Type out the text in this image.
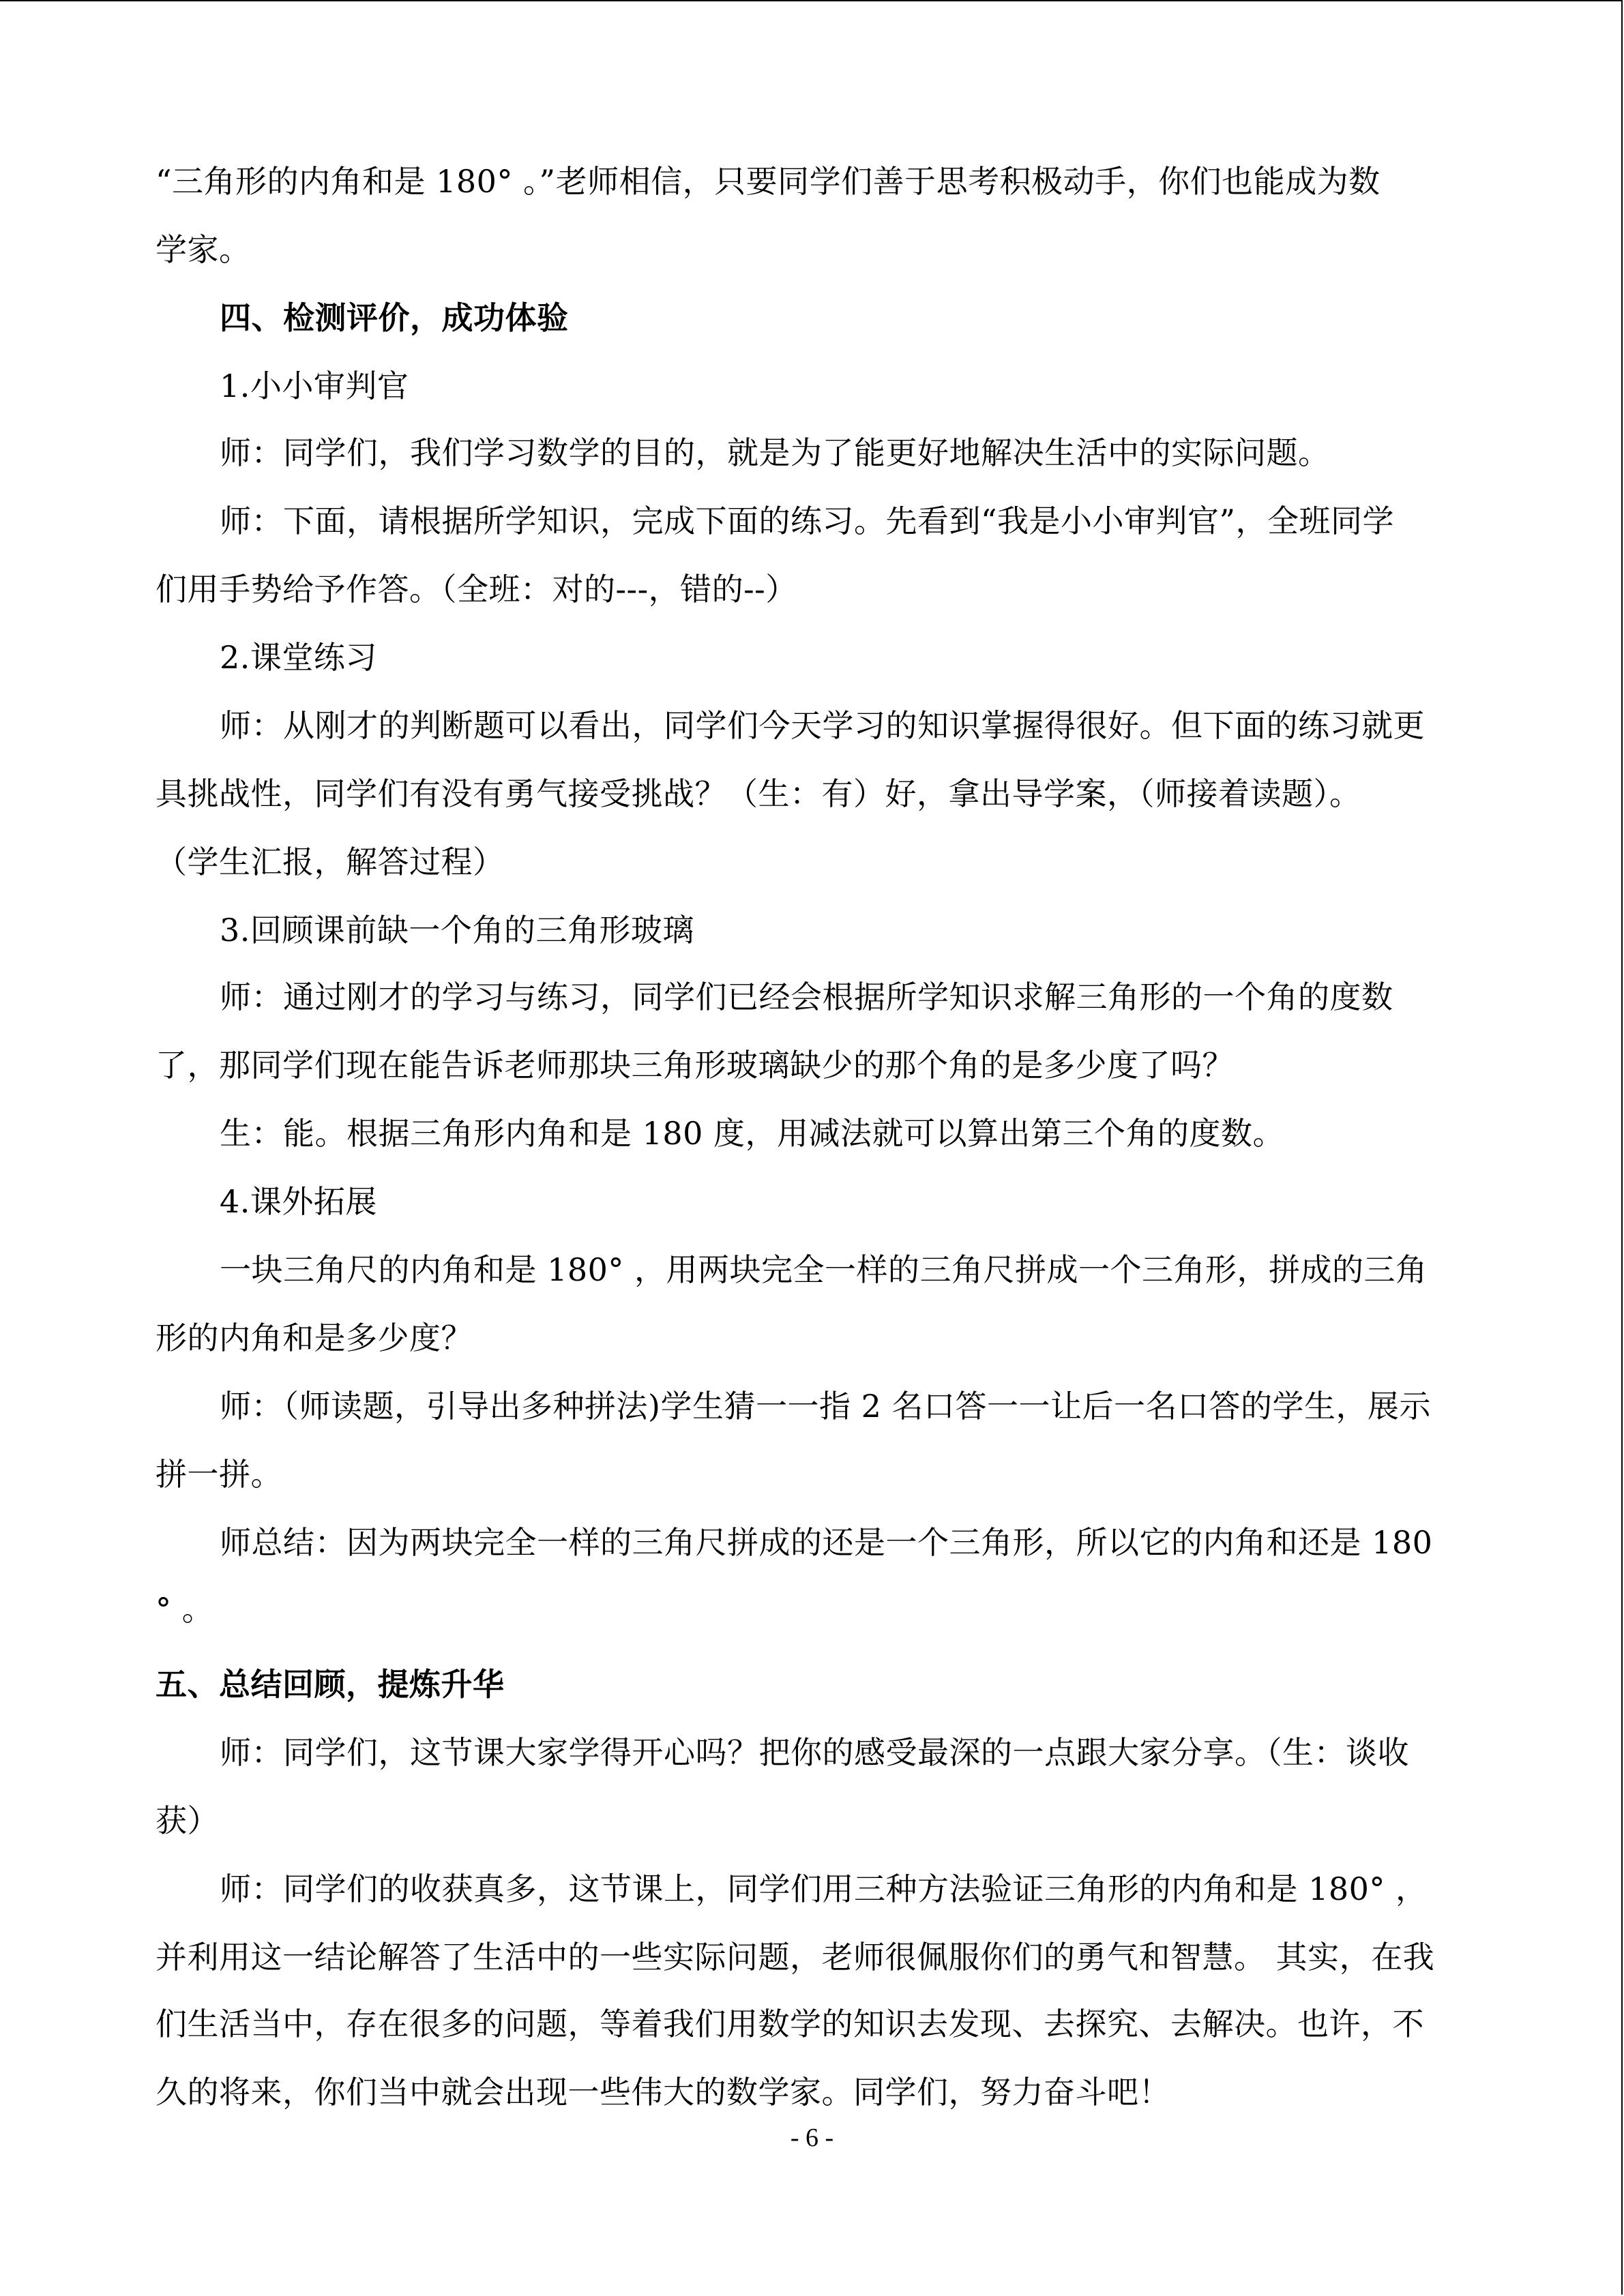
“三角形的内角和是 180° 。”老师相信，只要同学们善于思考积极动手，你们也能成为数
学家。
四、检测评价，成功体验
1.小小审判官
师：同学们，我们学习数学的目的，就是为了能更好地解决生活中的实际问题。
师：下面，请根据所学知识，完成下面的练习。先看到“我是小小审判官”，全班同学
们用手势给予作答。（全班：对的---，错的--）
2.课堂练习
师：从刚才的判断题可以看出，同学们今天学习的知识掌握得很好。但下面的练习就更
具挑战性，同学们有没有勇气接受挑战？（生：有）好，拿出导学案，（师接着读题）。
（学生汇报，解答过程）
3.回顾课前缺一个角的三角形玻璃
师：通过刚才的学习与练习，同学们已经会根据所学知识求解三角形的一个角的度数
了，那同学们现在能告诉老师那块三角形玻璃缺少的那个角的是多少度了吗？
生：能。根据三角形内角和是 180 度，用减法就可以算出第三个角的度数。
4.课外拓展
一块三角尺的内角和是 180° ，用两块完全一样的三角尺拼成一个三角形，拼成的三角
形的内角和是多少度？
师：（师读题，引导出多种拼法)学生猜一一指 2 名口答一一让后一名口答的学生，展示
拼一拼。
师总结：因为两块完全一样的三角尺拼成的还是一个三角形，所以它的内角和还是 180
° 。
五、总结回顾，提炼升华
师：同学们，这节课大家学得开心吗？把你的感受最深的一点跟大家分享。（生：谈收
获）
师：同学们的收获真多，这节课上，同学们用三种方法验证三角形的内角和是 180° ，
并利用这一结论解答了生活中的一些实际问题，老师很佩服你们的勇气和智慧。 其实，在我
们生活当中，存在很多的问题，等着我们用数学的知识去发现、去探究、去解决。也许，不
久的将来，你们当中就会出现一些伟大的数学家。同学们，努力奋斗吧！
- 6 -
